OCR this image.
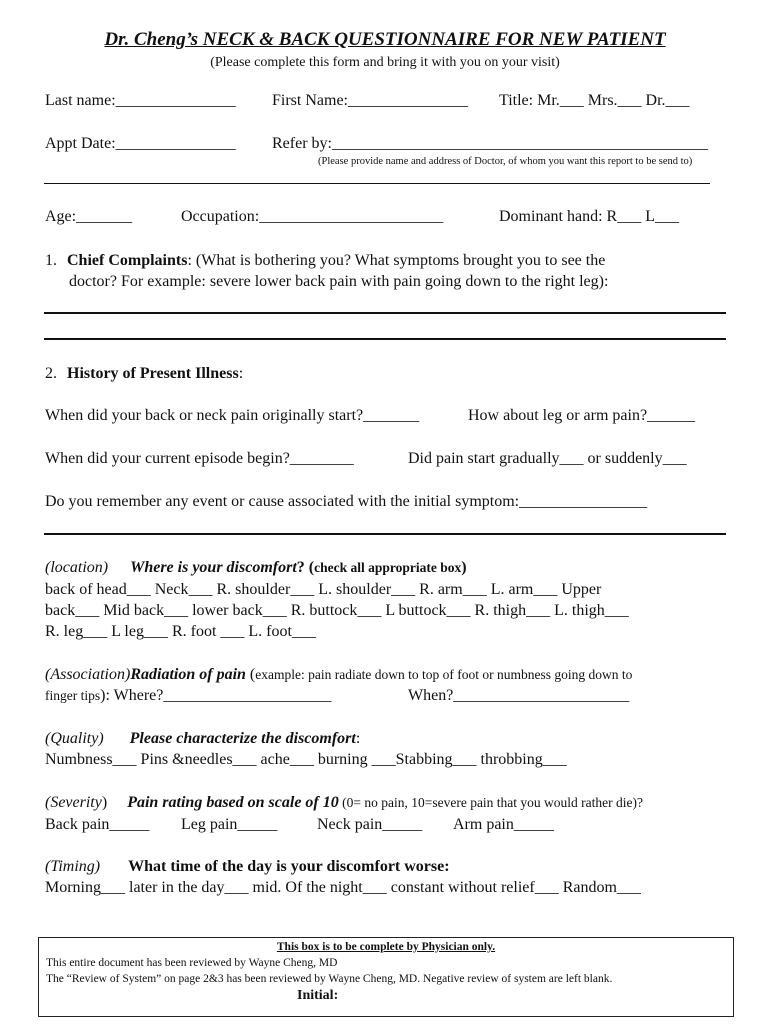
Dr. Cheng’s NECK & BACK QUESTIONNAIRE FOR NEW PATIENT
(Please complete this form and bring it with you on your visit)
Last name:_______________ First Name:_______________ Title: Mr.___ Mrs.___ Dr.___
Appt Date:_______________ Refer by:_______________________________________________
(Please provide name and address of Doctor, of whom you want this report to be send to)
Age:_______	Occupation:_______________________	Dominant hand: R___ L___
1. Chief Complaints: (What is bothering you? What symptoms brought you to see the
doctor? For example: severe lower back pain with pain going down to the right leg):
2. History of Present Illness:
When did your back or neck pain originally start?_______	How about leg or arm pain?______
When did your current episode begin?________	Did pain start gradually___ or suddenly___
Do you remember any event or cause associated with the initial symptom:________________
(location) Where is your discomfort? (check all appropriate box)
back of head___ Neck___ R. shoulder___ L. shoulder___ R. arm___ L. arm___ Upper
back___ Mid back___ lower back___ R. buttock___ L buttock___ R. thigh___ L. thigh___
R. leg___ L leg___ R. foot ___ L. foot___
(Association)Radiation of pain (example: pain radiate down to top of foot or numbness going down to
finger tips): Where?_____________________	When?______________________
(Quality) Please characterize the discomfort:
Numbness___ Pins &needles___ ache___ burning ___Stabbing___ throbbing___
(Severity) Pain rating based on scale of 10 (0= no pain, 10=severe pain that you would rather die)?
Back pain_____ Leg pain_____ Neck pain_____ Arm pain_____
(Timing) What time of the day is your discomfort worse:
Morning___ later in the day___ mid. Of the night___ constant without relief___ Random___
This box is to be complete by Physician only.
This entire document has been reviewed by Wayne Cheng, MD
The “Review of System” on page 2&3 has been reviewed by Wayne Cheng, MD. Negative review of system are left blank.
Initial:
